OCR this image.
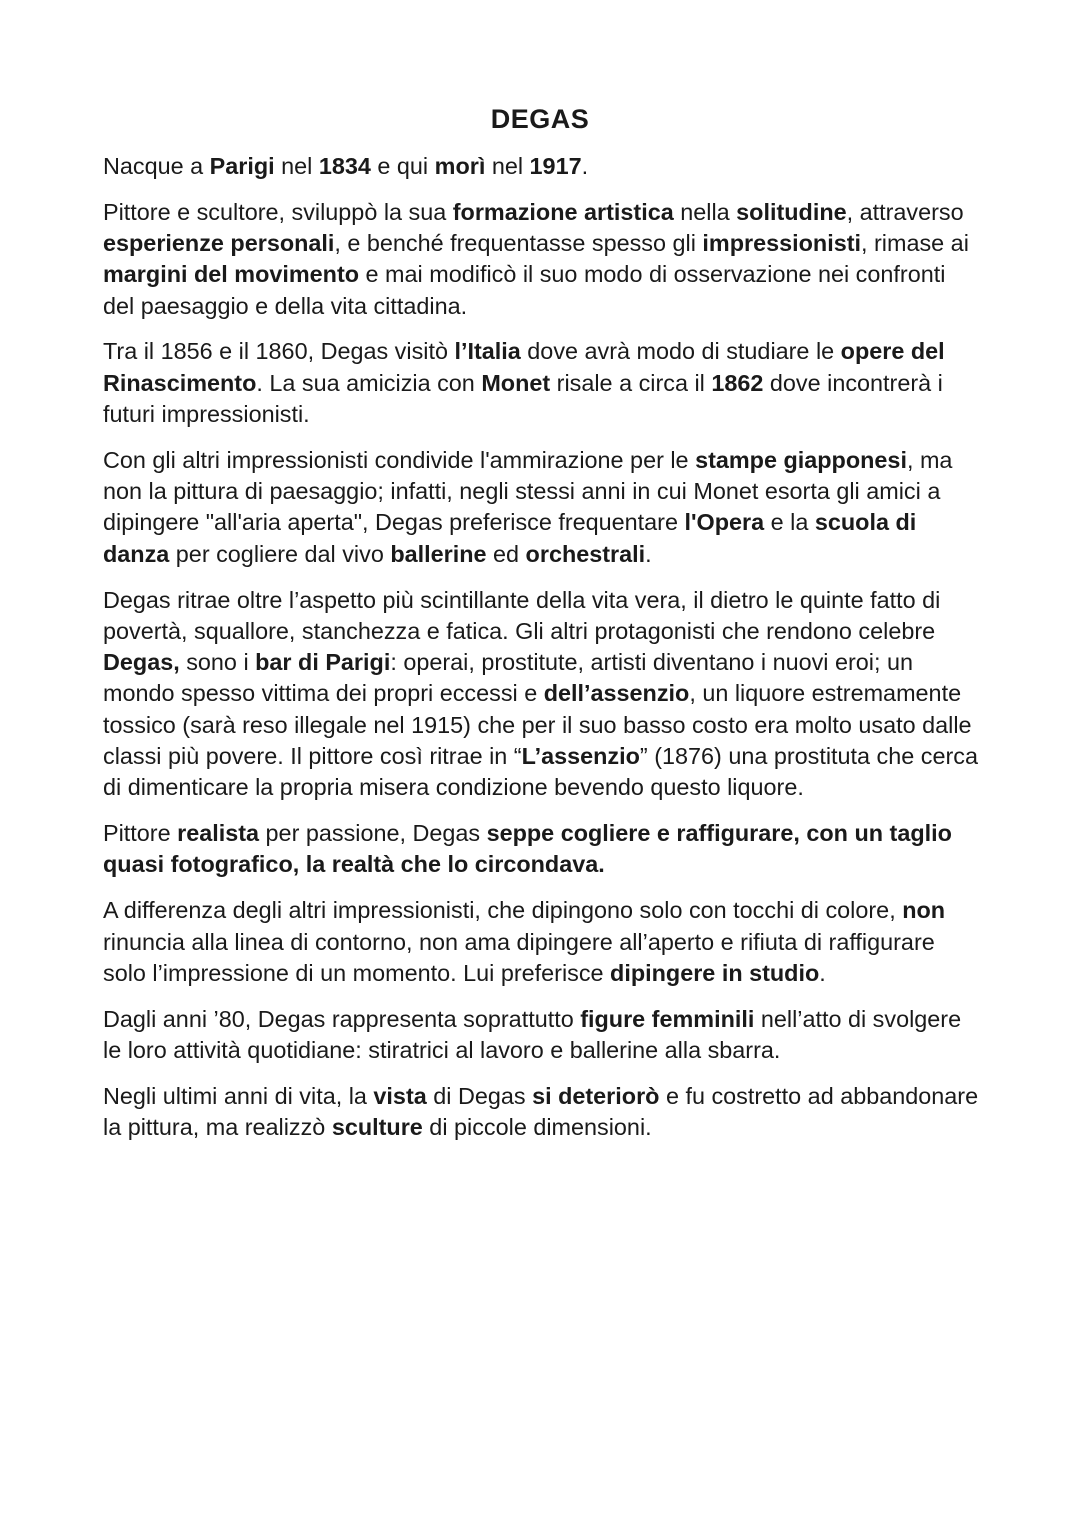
DEGAS

Nacque a Parigi nel 1834 e qui morì nel 1917.

Pittore e scultore, sviluppò la sua formazione artistica nella solitudine, attraverso esperienze personali, e benché frequentasse spesso gli impressionisti, rimase ai margini del movimento e mai modificò il suo modo di osservazione nei confronti del paesaggio e della vita cittadina.

Tra il 1856 e il 1860, Degas visitò l’Italia dove avrà modo di studiare le opere del Rinascimento. La sua amicizia con Monet risale a circa il 1862 dove incontrerà i futuri impressionisti.

Con gli altri impressionisti condivide l'ammirazione per le stampe giapponesi, ma non la pittura di paesaggio; infatti, negli stessi anni in cui Monet esorta gli amici a dipingere "all'aria aperta", Degas preferisce frequentare l'Opera e la scuola di danza per cogliere dal vivo ballerine ed orchestrali.

Degas ritrae oltre l’aspetto più scintillante della vita vera, il dietro le quinte fatto di povertà, squallore, stanchezza e fatica. Gli altri protagonisti che rendono celebre Degas, sono i bar di Parigi: operai, prostitute, artisti diventano i nuovi eroi; un mondo spesso vittima dei propri eccessi e dell’assenzio, un liquore estremamente tossico (sarà reso illegale nel 1915) che per il suo basso costo era molto usato dalle classi più povere. Il pittore così ritrae in “L’assenzio” (1876) una prostituta che cerca di dimenticare la propria misera condizione bevendo questo liquore.

Pittore realista per passione, Degas seppe cogliere e raffigurare, con un taglio quasi fotografico, la realtà che lo circondava.

A differenza degli altri impressionisti, che dipingono solo con tocchi di colore, non rinuncia alla linea di contorno, non ama dipingere all’aperto e rifiuta di raffigurare solo l’impressione di un momento. Lui preferisce dipingere in studio.

Dagli anni ’80, Degas rappresenta soprattutto figure femminili nell’atto di svolgere le loro attività quotidiane: stiratrici al lavoro e ballerine alla sbarra.

Negli ultimi anni di vita, la vista di Degas si deteriorò e fu costretto ad abbandonare la pittura, ma realizzò sculture di piccole dimensioni.
